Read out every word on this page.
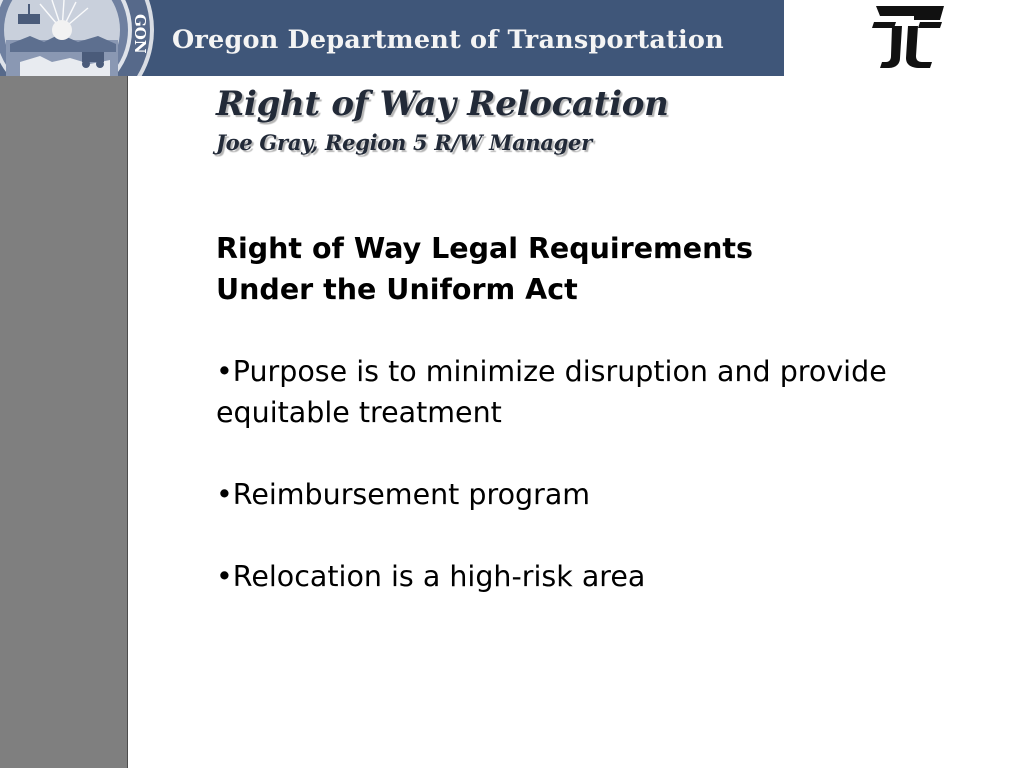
GON Oregon Department of Transportation
Right of Way Relocation
Joe Gray, Region 5 R/W Manager

Right of Way Legal Requirements
Under the Uniform Act

•Purpose is to minimize disruption and provide equitable treatment

•Reimbursement program

•Relocation is a high-risk area
